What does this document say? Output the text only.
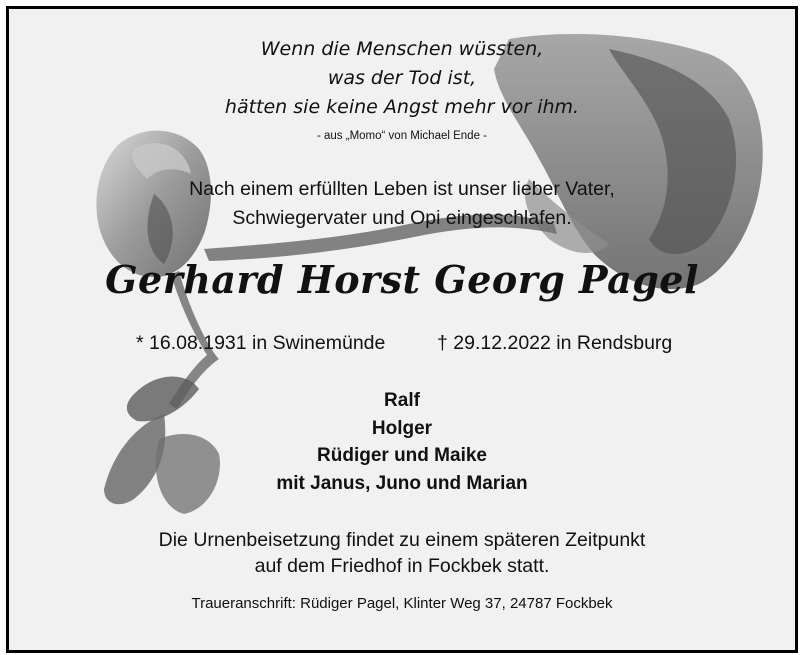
Wenn die Menschen wüssten,
was der Tod ist,
hätten sie keine Angst mehr vor ihm.
- aus „Momo“ von Michael Ende -
Nach einem erfüllten Leben ist unser lieber Vater,
Schwiegervater und Opi eingeschlafen.
Gerhard Horst Georg Pagel
* 16.08.1931 in Swinemünde	† 29.12.2022 in Rendsburg
Ralf
Holger
Rüdiger und Maike
mit Janus, Juno und Marian
Die Urnenbeisetzung findet zu einem späteren Zeitpunkt
auf dem Friedhof in Fockbek statt.
Traueranschrift: Rüdiger Pagel, Klinter Weg 37, 24787 Fockbek
